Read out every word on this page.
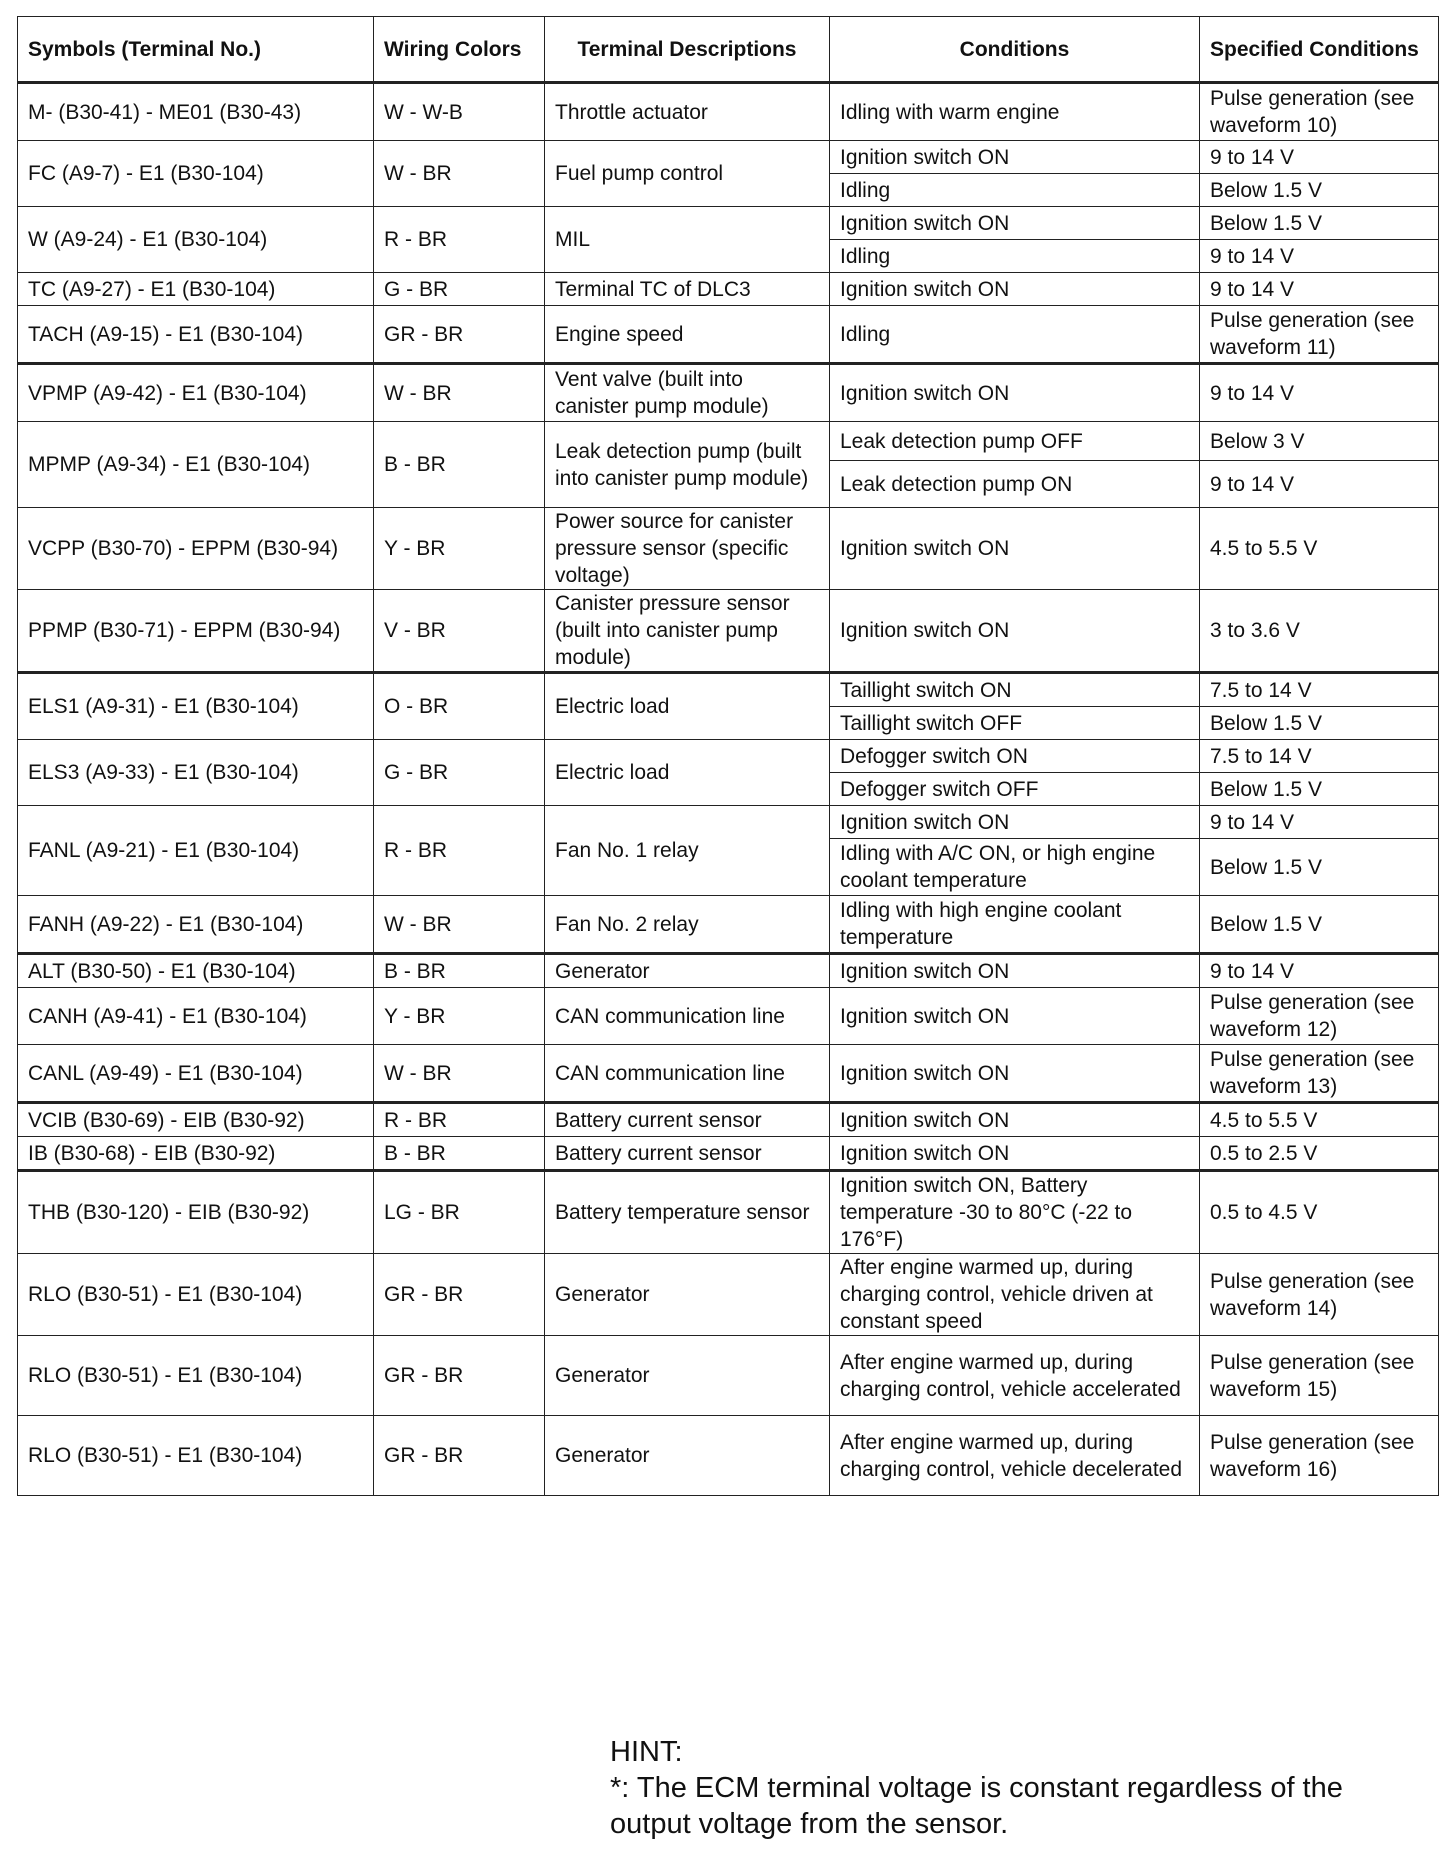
Symbols (Terminal No.)	Wiring Colors	Terminal Descriptions	Conditions	Specified Conditions
M- (B30-41) - ME01 (B30-43)	W - W-B	Throttle actuator	Idling with warm engine	Pulse generation (see waveform 10)
FC (A9-7) - E1 (B30-104)	W - BR	Fuel pump control	Ignition switch ON	9 to 14 V
			Idling	Below 1.5 V
W (A9-24) - E1 (B30-104)	R - BR	MIL	Ignition switch ON	Below 1.5 V
			Idling	9 to 14 V
TC (A9-27) - E1 (B30-104)	G - BR	Terminal TC of DLC3	Ignition switch ON	9 to 14 V
TACH (A9-15) - E1 (B30-104)	GR - BR	Engine speed	Idling	Pulse generation (see waveform 11)
VPMP (A9-42) - E1 (B30-104)	W - BR	Vent valve (built into canister pump module)	Ignition switch ON	9 to 14 V
MPMP (A9-34) - E1 (B30-104)	B - BR	Leak detection pump (built into canister pump module)	Leak detection pump OFF	Below 3 V
			Leak detection pump ON	9 to 14 V
VCPP (B30-70) - EPPM (B30-94)	Y - BR	Power source for canister pressure sensor (specific voltage)	Ignition switch ON	4.5 to 5.5 V
PPMP (B30-71) - EPPM (B30-94)	V - BR	Canister pressure sensor (built into canister pump module)	Ignition switch ON	3 to 3.6 V
ELS1 (A9-31) - E1 (B30-104)	O - BR	Electric load	Taillight switch ON	7.5 to 14 V
			Taillight switch OFF	Below 1.5 V
ELS3 (A9-33) - E1 (B30-104)	G - BR	Electric load	Defogger switch ON	7.5 to 14 V
			Defogger switch OFF	Below 1.5 V
FANL (A9-21) - E1 (B30-104)	R - BR	Fan No. 1 relay	Ignition switch ON	9 to 14 V
			Idling with A/C ON, or high engine coolant temperature	Below 1.5 V
FANH (A9-22) - E1 (B30-104)	W - BR	Fan No. 2 relay	Idling with high engine coolant temperature	Below 1.5 V
ALT (B30-50) - E1 (B30-104)	B - BR	Generator	Ignition switch ON	9 to 14 V
CANH (A9-41) - E1 (B30-104)	Y - BR	CAN communication line	Ignition switch ON	Pulse generation (see waveform 12)
CANL (A9-49) - E1 (B30-104)	W - BR	CAN communication line	Ignition switch ON	Pulse generation (see waveform 13)
VCIB (B30-69) - EIB (B30-92)	R - BR	Battery current sensor	Ignition switch ON	4.5 to 5.5 V
IB (B30-68) - EIB (B30-92)	B - BR	Battery current sensor	Ignition switch ON	0.5 to 2.5 V
THB (B30-120) - EIB (B30-92)	LG - BR	Battery temperature sensor	Ignition switch ON, Battery temperature -30 to 80°C (-22 to 176°F)	0.5 to 4.5 V
RLO (B30-51) - E1 (B30-104)	GR - BR	Generator	After engine warmed up, during charging control, vehicle driven at constant speed	Pulse generation (see waveform 14)
RLO (B30-51) - E1 (B30-104)	GR - BR	Generator	After engine warmed up, during charging control, vehicle accelerated	Pulse generation (see waveform 15)
RLO (B30-51) - E1 (B30-104)	GR - BR	Generator	After engine warmed up, during charging control, vehicle decelerated	Pulse generation (see waveform 16)
HINT:
*: The ECM terminal voltage is constant regardless of the output voltage from the sensor.
